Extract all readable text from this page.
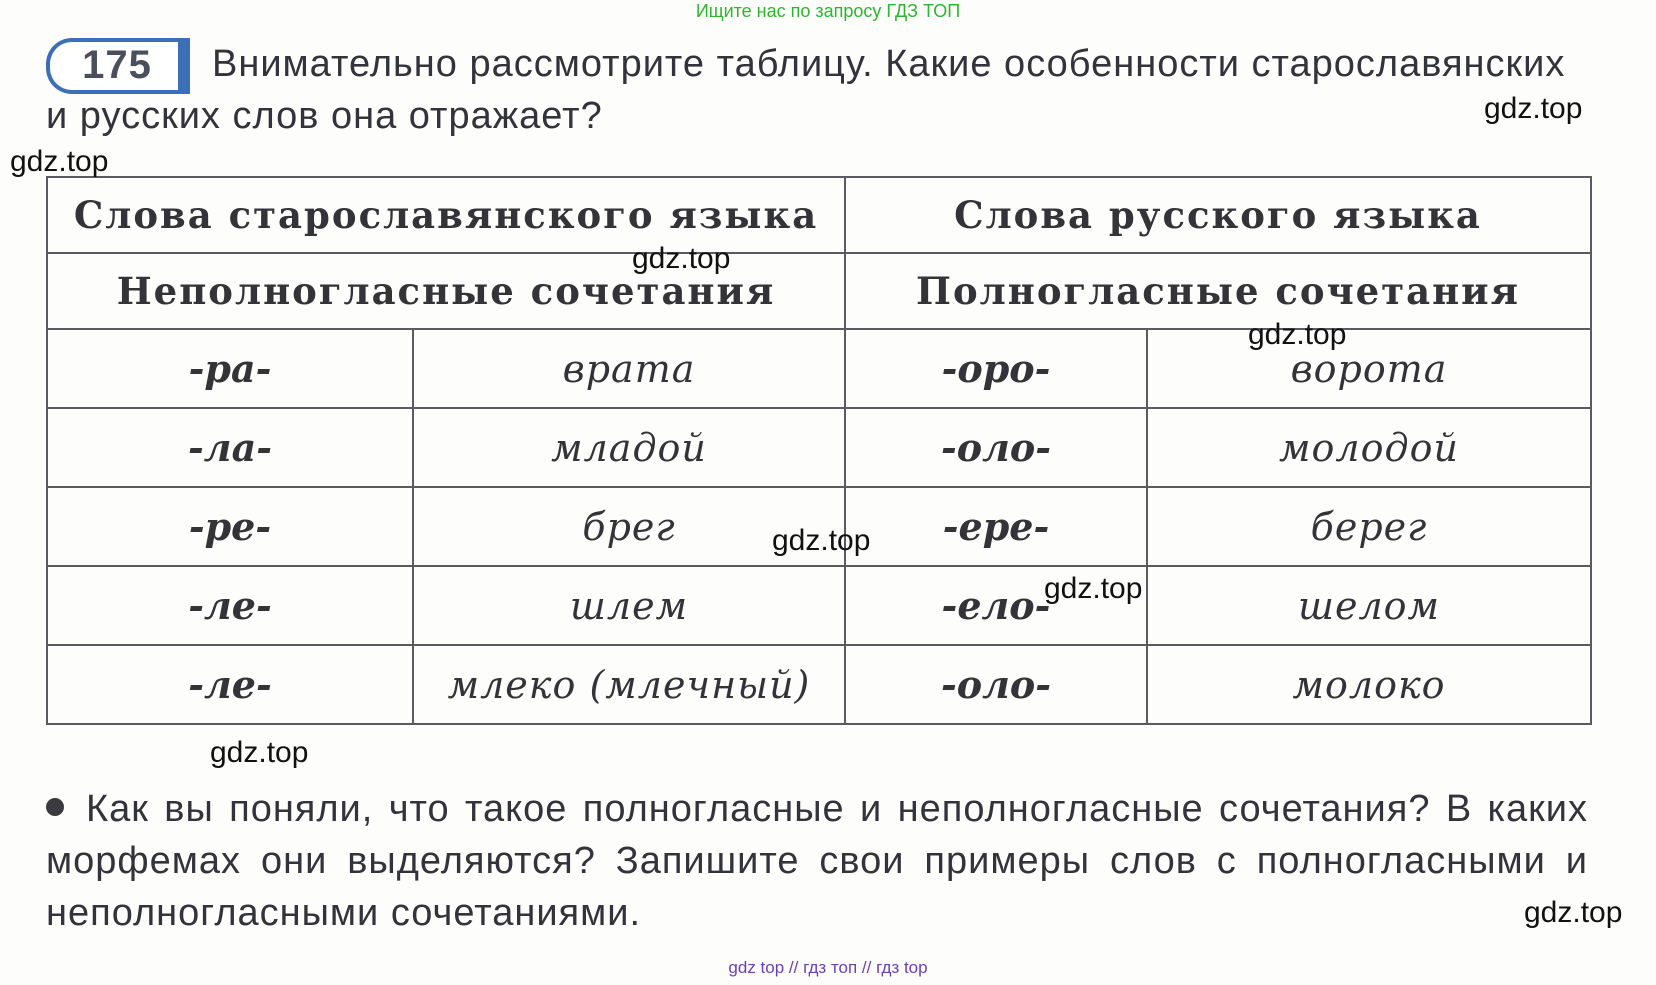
Ищите нас по запросу ГДЗ ТОП
175	Внимательно рассмотрите таблицу. Какие особенности старославянских и русских слов она отражает?
Слова старославянского языка		Слова русского языка	
Неполногласные сочетания		Полногласные сочетания	
-ра-	врата	-оро-	ворота
-ла-	младой	-оло-	молодой
-ре-	брег	-ере-	берег
-ле-	шлем	-ело-	шелом
-ле-	млеко (млечный)	-оло-	молоко
Как вы поняли, что такое полногласные и неполногласные сочетания? В каких морфемах они выделяются? Запишите свои примеры слов с полногласными и неполногласными сочетаниями.
gdz.top
gdz.top
gdz.top
gdz.top
gdz.top
gdz.top
gdz.top
gdz.top
gdz top // гдз топ // гдз top
